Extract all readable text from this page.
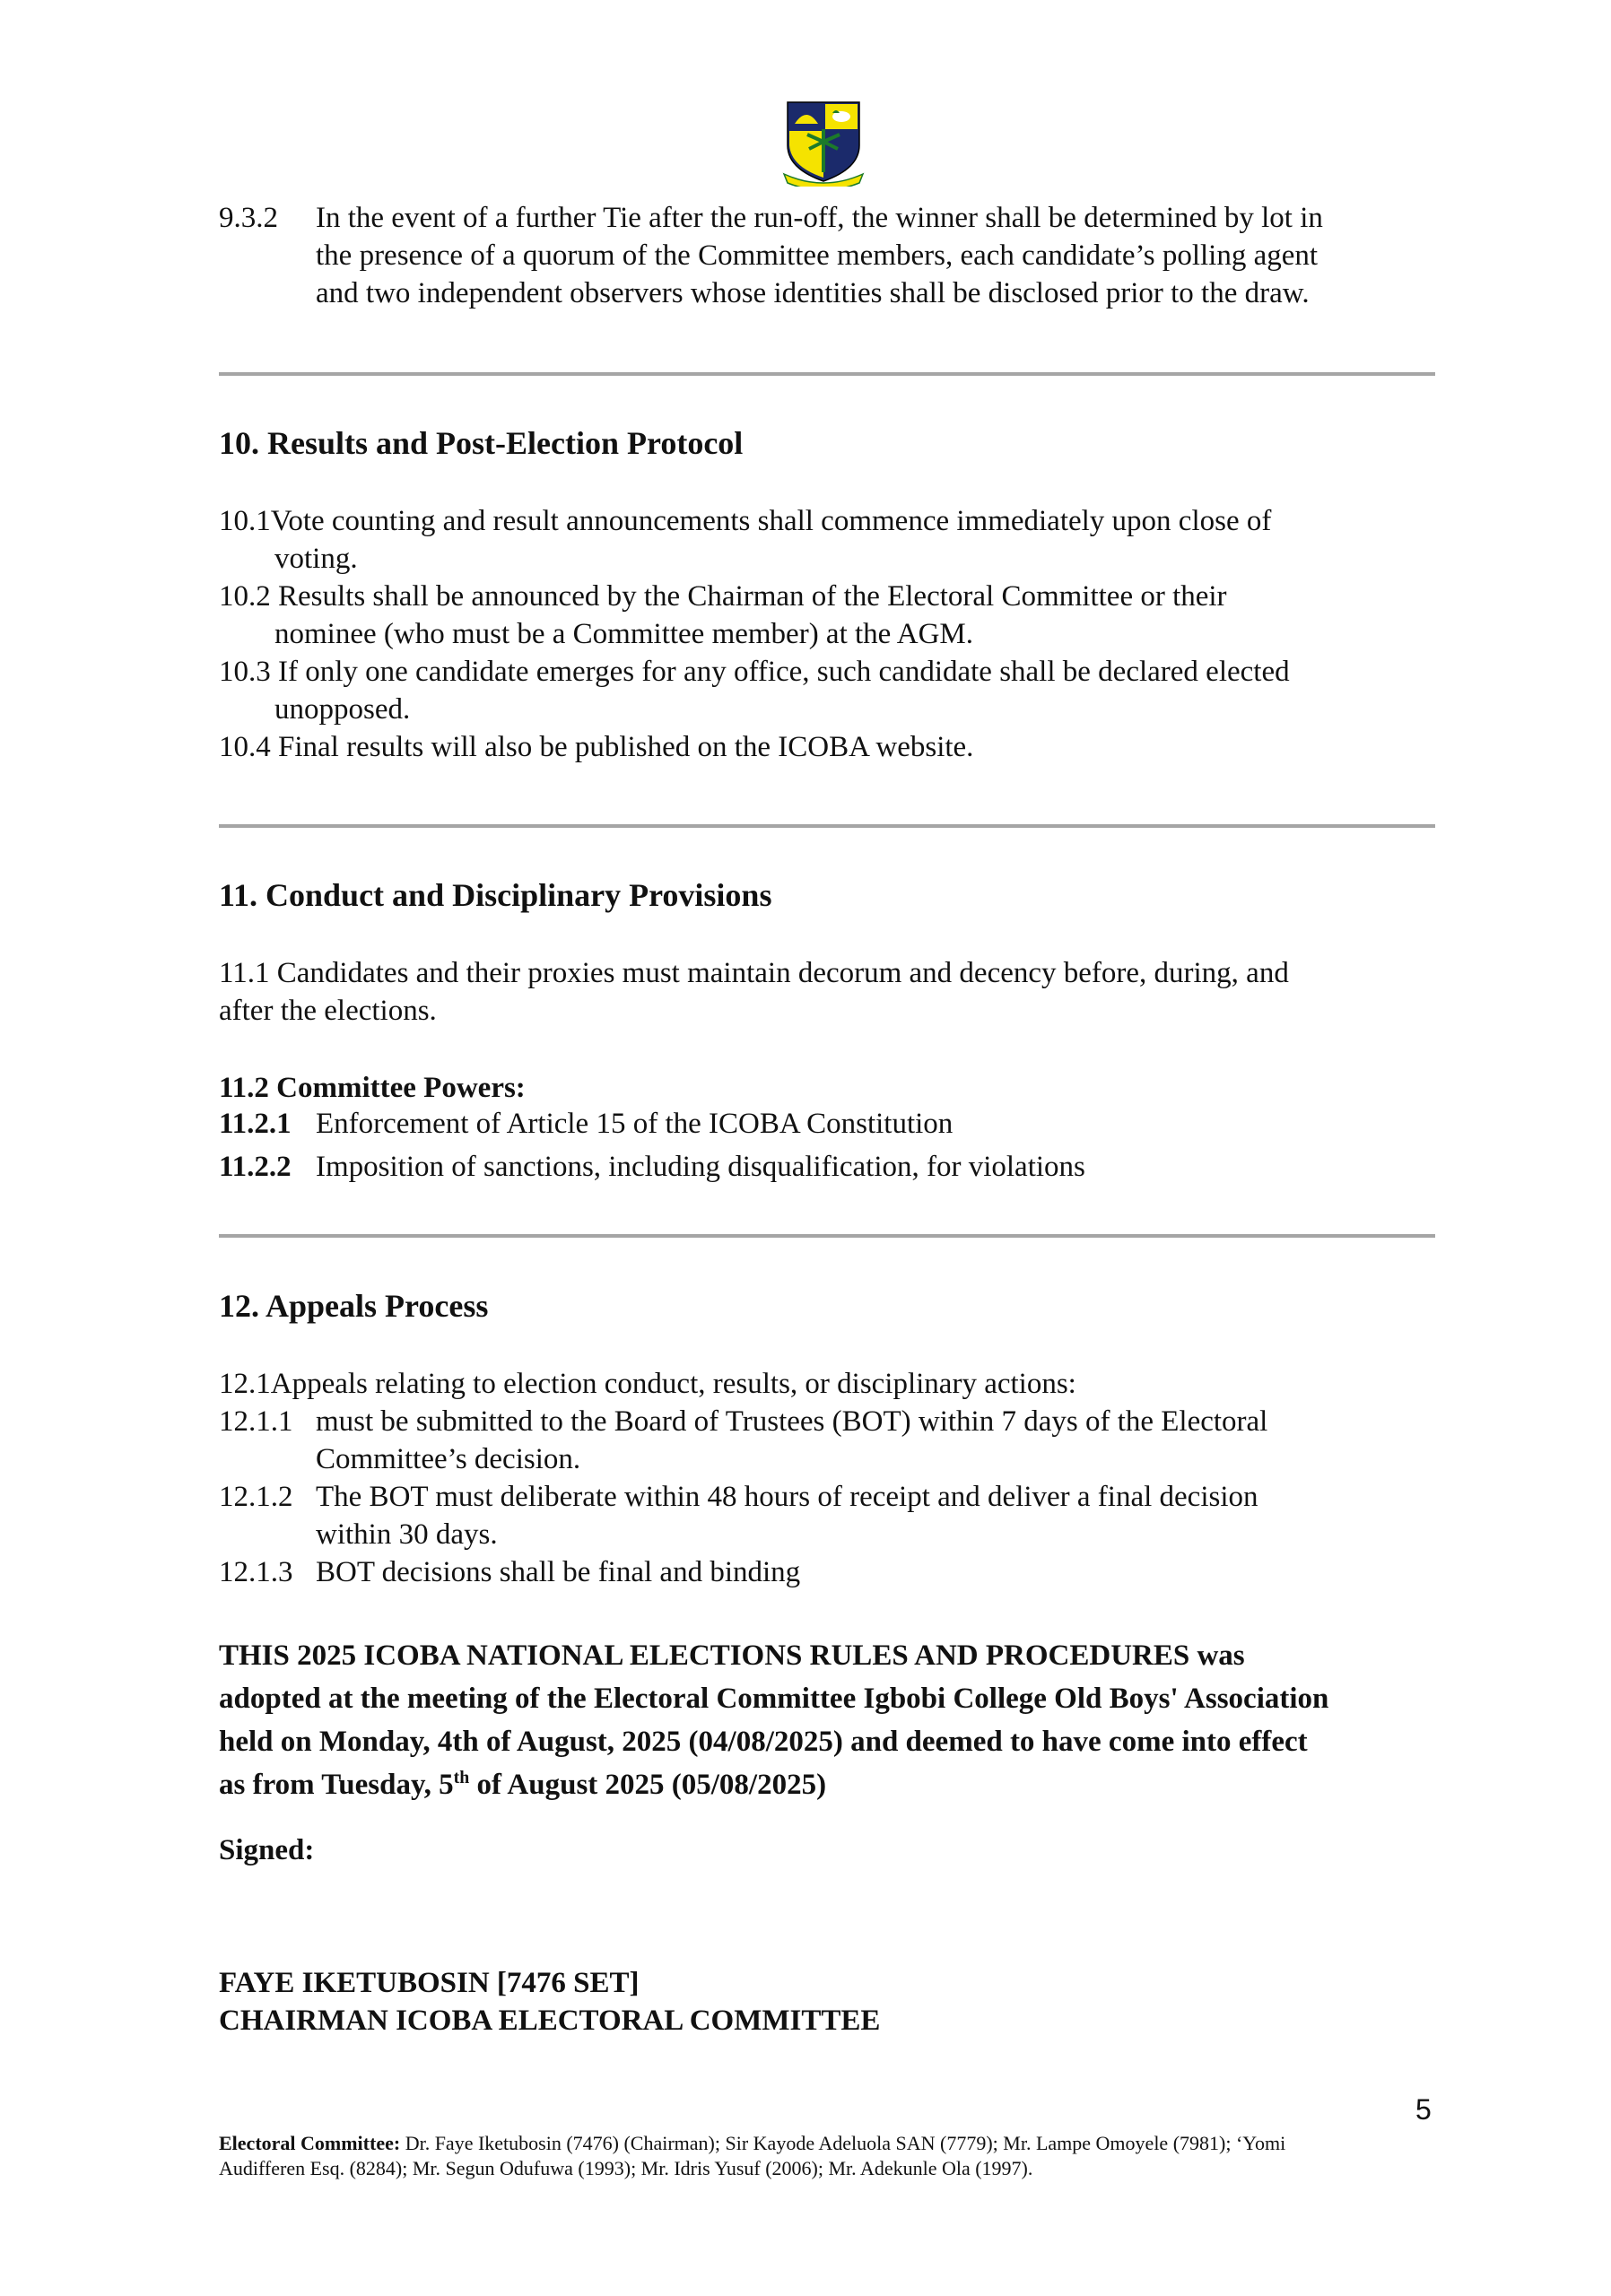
9.3.2 In the event of a further Tie after the run-off, the winner shall be determined by lot in
the presence of a quorum of the Committee members, each candidate’s polling agent
and two independent observers whose identities shall be disclosed prior to the draw.
10. Results and Post-Election Protocol
10.1Vote counting and result announcements shall commence immediately upon close of
voting.
10.2 Results shall be announced by the Chairman of the Electoral Committee or their
nominee (who must be a Committee member) at the AGM.
10.3 If only one candidate emerges for any office, such candidate shall be declared elected
unopposed.
10.4 Final results will also be published on the ICOBA website.
11. Conduct and Disciplinary Provisions
11.1 Candidates and their proxies must maintain decorum and decency before, during, and
after the elections.
11.2 Committee Powers:
11.2.1 Enforcement of Article 15 of the ICOBA Constitution
11.2.2 Imposition of sanctions, including disqualification, for violations
12. Appeals Process
12.1Appeals relating to election conduct, results, or disciplinary actions:
12.1.1 must be submitted to the Board of Trustees (BOT) within 7 days of the Electoral
Committee’s decision.
12.1.2 The BOT must deliberate within 48 hours of receipt and deliver a final decision
within 30 days.
12.1.3 BOT decisions shall be final and binding
THIS 2025 ICOBA NATIONAL ELECTIONS RULES AND PROCEDURES was
adopted at the meeting of the Electoral Committee Igbobi College Old Boys' Association
held on Monday, 4th of August, 2025 (04/08/2025) and deemed to have come into effect
as from Tuesday, 5th of August 2025 (05/08/2025)
Signed:
FAYE IKETUBOSIN [7476 SET]
CHAIRMAN ICOBA ELECTORAL COMMITTEE
5
Electoral Committee: Dr. Faye Iketubosin (7476) (Chairman); Sir Kayode Adeluola SAN (7779); Mr. Lampe Omoyele (7981); ‘Yomi
Audifferen Esq. (8284); Mr. Segun Odufuwa (1993); Mr. Idris Yusuf (2006); Mr. Adekunle Ola (1997).
